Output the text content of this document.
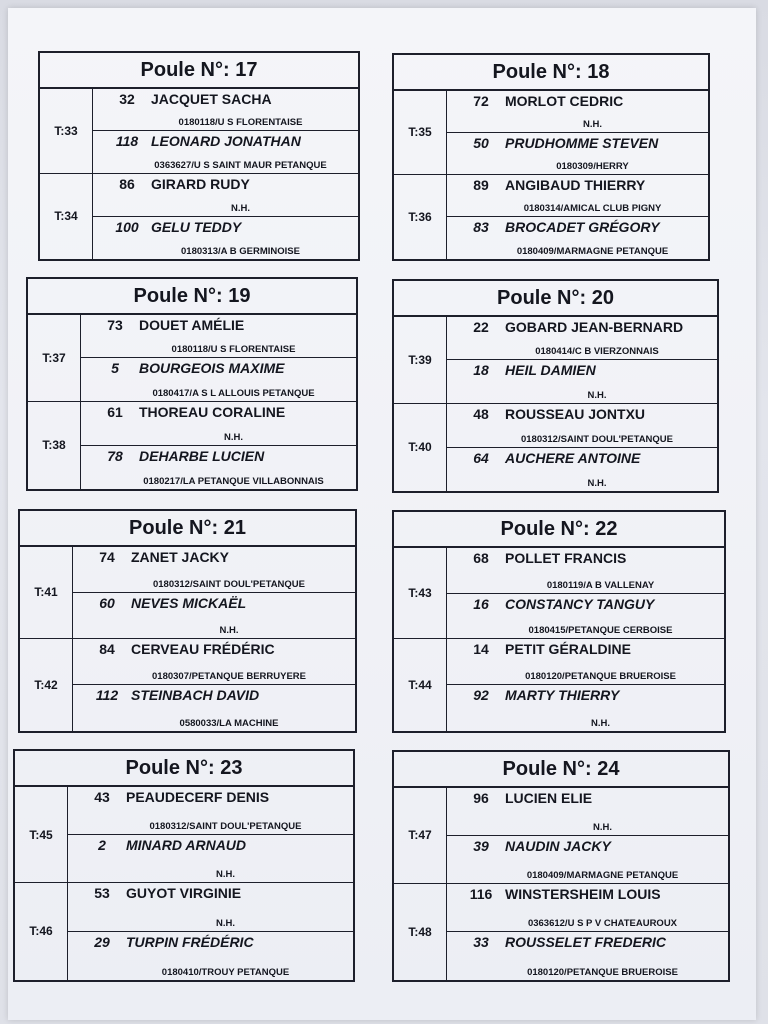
Poule N°: 17
T:33
32	JACQUET SACHA
0180118/U S FLORENTAISE
118 LEONARD JONATHAN
0363627/U S SAINT MAUR PETANQUE
T:34
86	GIRARD RUDY
N.H.
100 GELU TEDDY
0180313/A B GERMINOISE
Poule N°: 18
T:35
72	MORLOT CEDRIC
N.H.
50	PRUDHOMME STEVEN
0180309/HERRY
T:36
89	ANGIBAUD THIERRY
0180314/AMICAL CLUB PIGNY
83	BROCADET GRÉGORY
0180409/MARMAGNE PETANQUE
Poule N°: 19
T:37
73	DOUET AMÉLIE
0180118/U S FLORENTAISE
5	BOURGEOIS MAXIME
0180417/A S L ALLOUIS PETANQUE
T:38
61	THOREAU CORALINE
N.H.
78	DEHARBE LUCIEN
0180217/LA PETANQUE VILLABONNAIS
Poule N°: 20
T:39
22	GOBARD JEAN-BERNARD
0180414/C B VIERZONNAIS
18	HEIL DAMIEN
N.H.
T:40
48	ROUSSEAU JONTXU
0180312/SAINT DOUL'PETANQUE
64	AUCHERE ANTOINE
N.H.
Poule N°: 21
T:41
74	ZANET JACKY
0180312/SAINT DOUL'PETANQUE
60	NEVES MICKAËL
N.H.
T:42
84	CERVEAU FRÉDÉRIC
0180307/PETANQUE BERRUYERE
112 STEINBACH DAVID
0580033/LA MACHINE
Poule N°: 22
T:43
68	POLLET FRANCIS
0180119/A B VALLENAY
16	CONSTANCY TANGUY
0180415/PETANQUE CERBOISE
T:44
14	PETIT GÉRALDINE
0180120/PETANQUE BRUEROISE
92	MARTY THIERRY
N.H.
Poule N°: 23
T:45
43	PEAUDECERF DENIS
0180312/SAINT DOUL'PETANQUE
2	MINARD ARNAUD
N.H.
T:46
53	GUYOT VIRGINIE
N.H.
29	TURPIN FRÉDÉRIC
0180410/TROUY PETANQUE
Poule N°: 24
T:47
96	LUCIEN ELIE
N.H.
39	NAUDIN JACKY
0180409/MARMAGNE PETANQUE
T:48
116 WINSTERSHEIM LOUIS
0363612/U S P V CHATEAUROUX
33	ROUSSELET FREDERIC
0180120/PETANQUE BRUEROISE
